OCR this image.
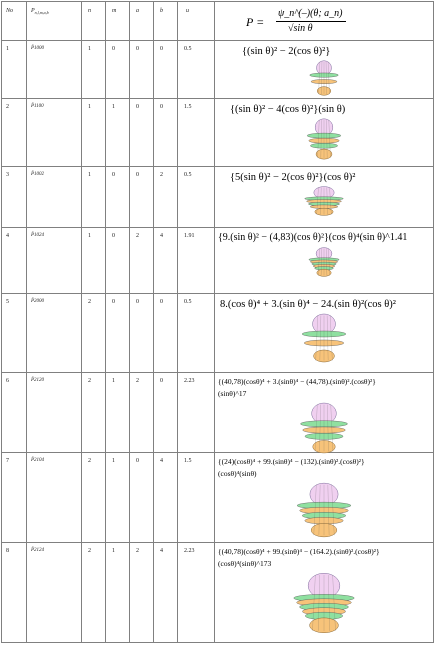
No	$P_{n,l,m,a,b}$	n	m	a	b	u
P =
ψ_n^(–)(θ; a_n)
√sin θ
1	P̄1000	1	0	0	0	0.5	{(sin θ)² − 2(cos θ)²}
2	P̄1100	1	1	0	0	1.5	{(sin θ)² − 4(cos θ)²}(sin θ)
3	P̄1002	1	0	0	2	0.5	{5(sin θ)² − 2(cos θ)²}(cos θ)²
4	P̄1024	1	0	2	4	1.91 {9.(sin θ)² − (4,83)(cos θ)²}(cos θ)⁴(sin θ)^1.41
5	P̄2000	2	0	0	0	0.5	8.(cos θ)⁴ + 3.(sin θ)⁴ − 24.(sin θ)²(cos θ)²
6	P̄2120	2	1	2	0	2.23	{(40,78)(cosθ)⁴ + 3.(sinθ)⁴ − (44,78).(sinθ)².(cosθ)²}
(sinθ)^17
7	P̄2104	2	1	0	4	1.5	{(24)(cosθ)⁴ + 99.(sinθ)⁴ − (132).(sinθ)².(cosθ)²}
(cosθ)⁴(sinθ)
8	P̄2124	2	1	2	4	2.23	{(40,78)(cosθ)⁴ + 99.(sinθ)⁴ − (164.2).(sinθ)².(cosθ)²}
(cosθ)⁴(sinθ)^173
